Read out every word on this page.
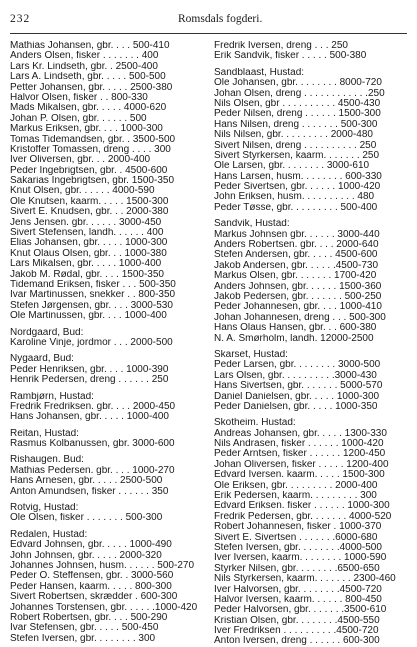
232	Romsdals fogderi.
Mathias Johansen, gbr. . . . 500-410
Anders Olsen, fisker . . . . . . . 400
Lars Kr. Lindseth, gbr. . 2500-400
Lars A. Lindseth, gbr. . . . . 500-500
Petter Johansen, gbr. . . . . 2500-380
Halvor Olsen, fisker . . 800-330
Mads Mikalsen, gbr. . . . . 4000-620
Johan P. Olsen, gbr. . . . . . 500
Markus Eriksen, gbr. . . . 1000-300
Tomas Tidemandsen, gbr. . 3500-500
Kristoffer Tomassen, dreng . . . . 300
Iver Oliversen, gbr. . . 2000-400
Peder Ingebrigtsen, gbr. . 4500-600
Sakarias Ingebrigtsen, gbr. 1500-350
Knut Olsen, gbr. . . . . . 4000-590
Ole Knutsen, kaarm. . . . . 1500-300
Sivert E. Knudsen, gbr. . . 2000-380
Jens Jensen. gbr. . . . . . 3000-450
Sivert Stefensen, landh. . . . . . 400
Elias Johansen, gbr. . . . . 1000-300
Knut Olaus Olsen, gbr. . . 1000-380
Lars Mikalsen, gbr. . . . . 1000-400
Jakob M. Rødal, gbr. . . . 1500-350
Tidemand Eriksen, fisker . . . 500-350
Ivar Martinussen, snekker . . 800-350
Stefen Jørgensen, gbr. . . . 3000-530
Ole Martinussen, gbr. . . . 1000-400
Nordgaard, Bud:
Karoline Vinje, jordmor . . . 2000-500
Nygaard, Bud:
Peder Henriksen, gbr. . . . 1000-390
Henrik Pedersen, dreng . . . . . . 250
Rambjørn, Hustad:
Fredrik Fredriksen. gbr. . . . 2000-450
Hans Johansen, gbr. . . . . 1000-400
Reitan, Hustad:
Rasmus Kolbanussen, gbr. 3000-600
Rishaugen. Bud:
Mathias Pedersen. gbr. . . . 1000-270
Hans Arnesen, gbr. . . . . 2500-500
Anton Amundsen, fisker . . . . . . 350
Rotvig, Hustad:
Ole Olsen, fisker . . . . . . . 500-300
Redalen, Hustad:
Edvard Johnsen, gbr. . . . . 1000-490
John Johnsen, gbr. . . . . 2000-320
Johannes Johnsen, husm. . . . . . 500-270
Peder O. Steffensen, gbr. . 3000-560
Peder Hansen, kaarm. . . . . 800-300
Sivert Robertsen, skrædder . 600-300
Johannes Torstensen, gbr. . . . . .1000-420
Robert Robertsen, gbr. . . . 500-290
Ivar Stefensen, gbr. . . . . 500-450
Stefen Iversen, gbr. . . . . . . . 300
Fredrik Iversen, dreng . . . 250
Erik Sandvik, fisker . . . . . 500-380
Sandblaast, Hustad:
Ole Johansen, gbr. . . . . . . . 8000-720
Johan Olsen, dreng . . . . . . . . . . . .250
Nils Olsen, gbr . . . . . . . . . . 4500-430
Peder Nilsen, dreng . . . . . . 1500-300
Hans Nilsen, dreng . . . . . . . 500-300
Nils Nilsen, gbr. . . . . . . . . 2000-480
Sivert Nilsen, dreng . . . . . . . . . . 250
Sivert Styrkersen, kaarm. . . . . . . 250
Ole Larsen, gbr. . . . . . . . 3000-610
Hans Larsen, husm. . . . . . . . 600-330
Peder Sivertsen, gbr. . . . . . 1000-420
John Eriksen, husm. . . . . . . . . . 480
Peder Tøsse, gbr. . . . . . . . . 500-400
Sandvik, Hustad:
Markus Johnsen gbr. . . . . . 3000-440
Anders Robertsen. gbr. . . . 2000-640
Stefen Andersen, gbr. . . . . 4500-600
Jakob Andersen, gbr. . . . . .4500-730
Markus Olsen, gbr. . . . . . . 1700-420
Anders Johnsen, gbr. . . . . . 1500-360
Jakob Pedersen, gbr. . . . . . . 500-250
Peder Johannesen, gbr. . . . 1000-410
Johan Johannesen, dreng . . . 500-300
Hans Olaus Hansen, gbr. . . 600-380
N. A. Smørholm, landh. 12000-2500
Skarset, Hustad:
Peder Larsen, gbr. . . . . . . . 3000-500
Lars Olsen, gbr. . . . . . . . . .3000-430
Hans Sivertsen, gbr. . . . . . . 5000-570
Daniel Danielsen, gbr. . . . . 1000-300
Peder Danielsen, gbr. . . . . 1000-350
Skotheim. Hustad:
Andreas Johansen, gbr. . . . . 1300-330
Nils Andrasen, fisker . . . . . . 1000-420
Peder Arntsen, fisker . . . . . . 1200-450
Johan Oliversen, fisker . . . . . 1200-400
Edvard Iversen. kaarm. . . . . 1500-300
Ole Eriksen, gbr. . . . . . . . . 2000-400
Erik Pedersen, kaarm. . . . . . . . . 300
Edvard Eriksen. fisker . . . . . . 1000-300
Fredrik Pedersen, gbr. . . . . . . 4000-520
Robert Johannesen, fisker . 1000-370
Sivert E. Sivertsen . . . . . . .6000-680
Stefen Iversen, gbr. . . . . . . .4000-500
Iver Iversen, kaarm. . . . . . . . 1000-590
Styrker Nilsen, gbr. . . . . . . .6500-650
Nils Styrkersen, kaarm. . . . . . . 2300-460
Iver Halvorsen, gbr. . . . . . . .4500-720
Halvor Iversen, kaarm. . . . . . 800-450
Peder Halvorsen, gbr. . . . . . .3500-610
Kristian Olsen, gbr. . . . . . . .4500-550
Iver Fredriksen . . . . . . . . . .4500-720
Anton Iversen, dreng . . . . . . 600-300
